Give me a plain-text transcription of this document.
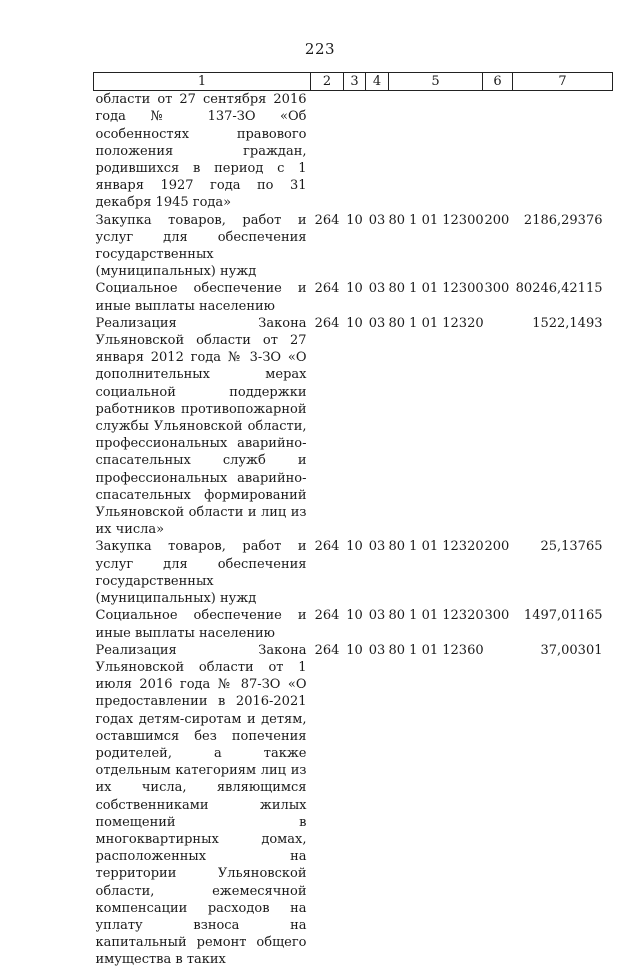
223
1	2	3	4	5	6	7
области от 27 сентября 2016 года № 137-ЗО «Об особенностях правового положения граждан, родившихся в период с 1 января 1927 года по 31 декабря 1945 года»						
Закупка товаров, работ и услуг для обеспечения государственных (муниципальных) нужд	264	10	03	80 1 01 12300	200	2186,29376
Социальное обеспечение и иные выплаты населению	264	10	03	80 1 01 12300	300	80246,42115
Реализация Закона Ульяновской области от 27 января 2012 года № 3-ЗО «О дополнительных мерах социальной поддержки работников противопожарной службы Ульяновской области, профессиональных аварийно-спасательных служб и профессиональных аварийно-спасательных формирований Ульяновской области и лиц из их числа»	264	10	03	80 1 01 12320		1522,1493
Закупка товаров, работ и услуг для обеспечения государственных (муниципальных) нужд	264	10	03	80 1 01 12320	200	25,13765
Социальное обеспечение и иные выплаты населению	264	10	03	80 1 01 12320	300	1497,01165
Реализация Закона Ульяновской области от 1 июля 2016 года № 87-ЗО «О предоставлении в 2016-2021 годах детям-сиротам и детям, оставшимся без попечения родителей, а также отдельным категориям лиц из их числа, являющимся собственниками жилых помещений в многоквартирных домах, расположенных на территории Ульяновской области, ежемесячной компенсации расходов на уплату взноса на капитальный ремонт общего имущества в таких	264	10	03	80 1 01 12360		37,00301
